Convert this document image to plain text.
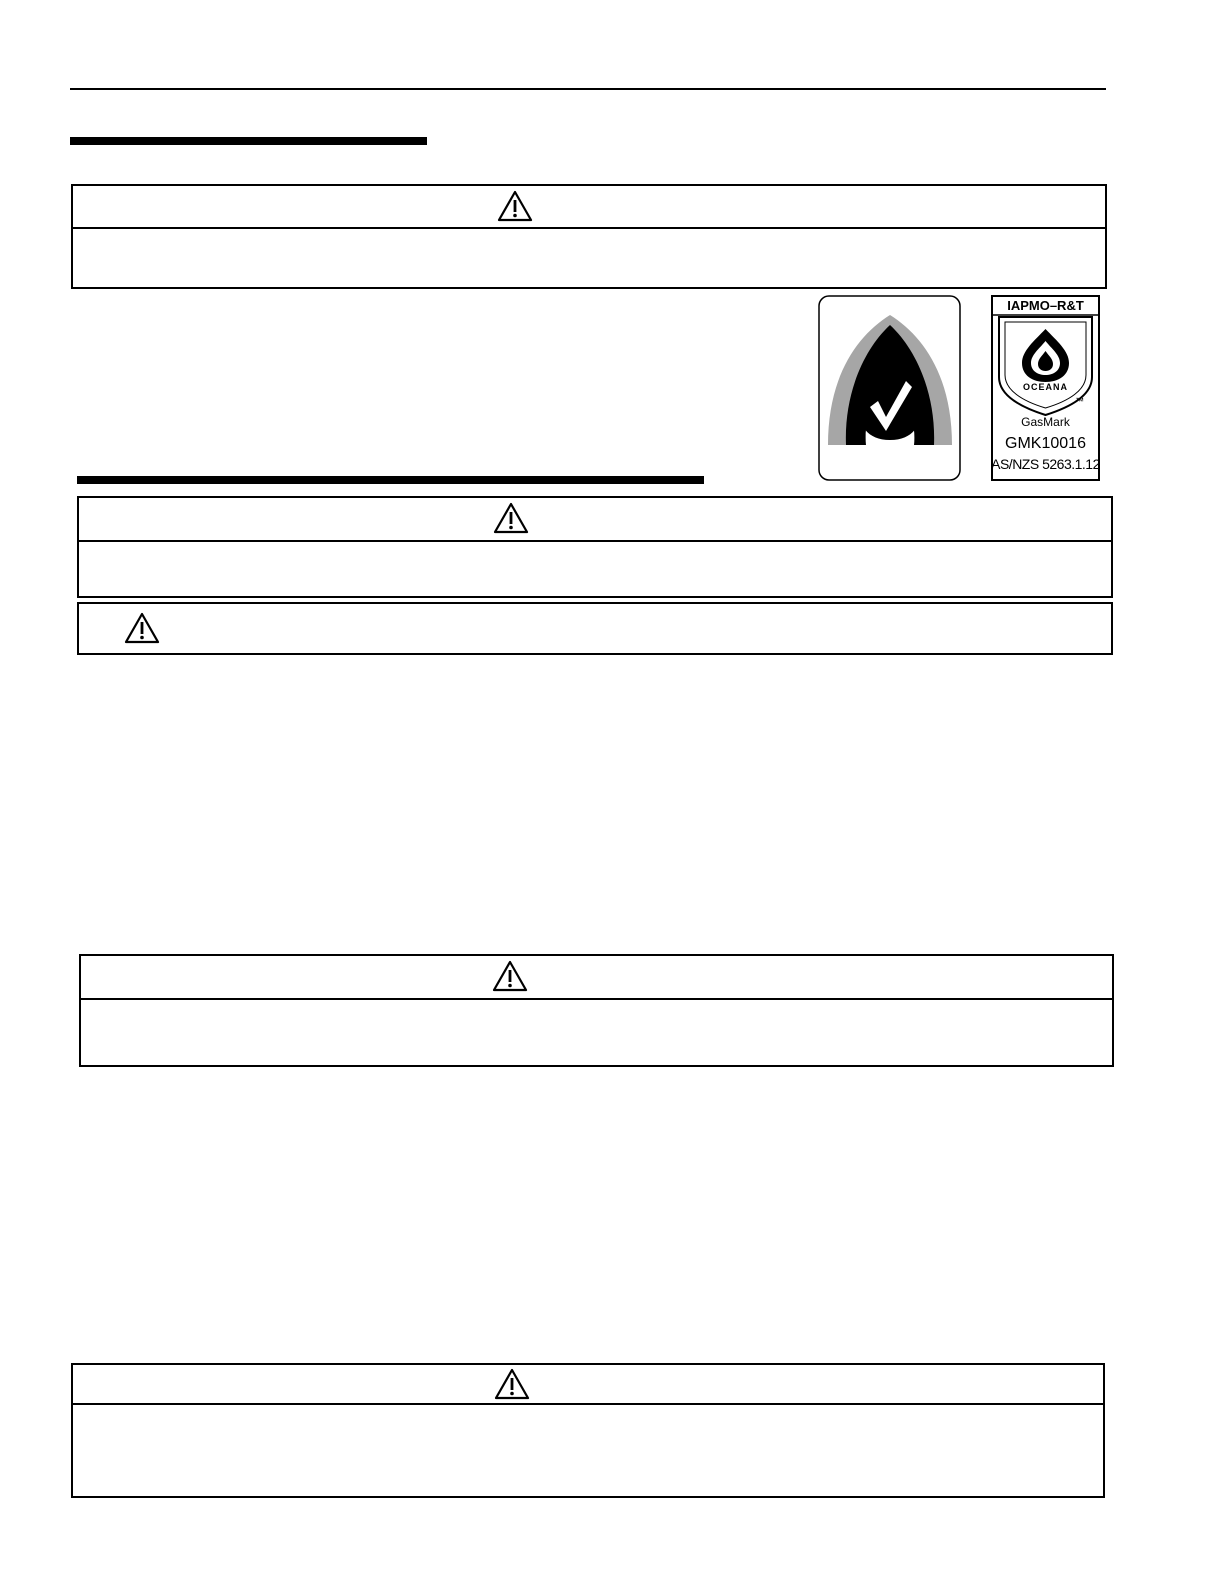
IAPMO–R&T
OCEANA
™
GasMark
GMK10016
AS/NZS 5263.1.12
